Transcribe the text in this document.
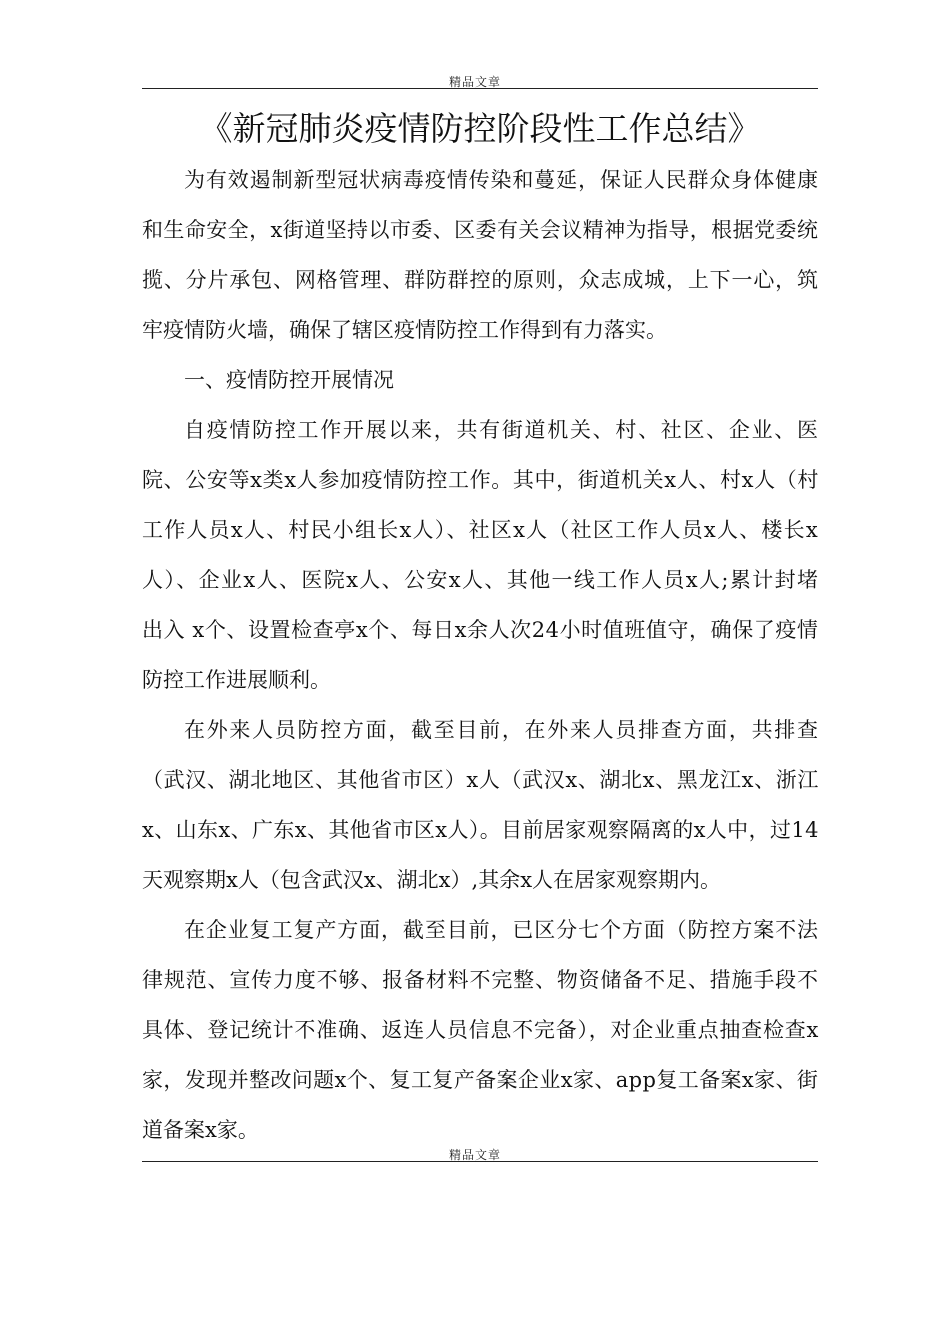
精品文章
《新冠肺炎疫情防控阶段性工作总结》
为有效遏制新型冠状病毒疫情传染和蔓延，保证人民群众身体健康
和生命安全，x街道坚持以市委、区委有关会议精神为指导，根据党委统
揽、分片承包、网格管理、群防群控的原则，众志成城，上下一心，筑
牢疫情防火墙，确保了辖区疫情防控工作得到有力落实。
一、疫情防控开展情况
自疫情防控工作开展以来，共有街道机关、村、社区、企业、医
院、公安等x类x人参加疫情防控工作。其中，街道机关x人、村x人（村
工作人员x人、村民小组长x人）、社区x人（社区工作人员x人、楼长x
人）、企业x人、医院x人、公安x人、其他一线工作人员x人;累计封堵
出入 x个、设置检查亭x个、每日x余人次24小时值班值守，确保了疫情
防控工作进展顺利。
在外来人员防控方面，截至目前，在外来人员排查方面，共排查
（武汉、湖北地区、其他省市区）x人（武汉x、湖北x、黑龙江x、浙江
x、山东x、广东x、其他省市区x人）。目前居家观察隔离的x人中，过14
天观察期x人（包含武汉x、湖北x）,其余x人在居家观察期内。
在企业复工复产方面，截至目前，已区分七个方面（防控方案不法
律规范、宣传力度不够、报备材料不完整、物资储备不足、措施手段不
具体、登记统计不准确、返连人员信息不完备），对企业重点抽查检查x
家，发现并整改问题x个、复工复产备案企业x家、app复工备案x家、街
道备案x家。
精品文章
